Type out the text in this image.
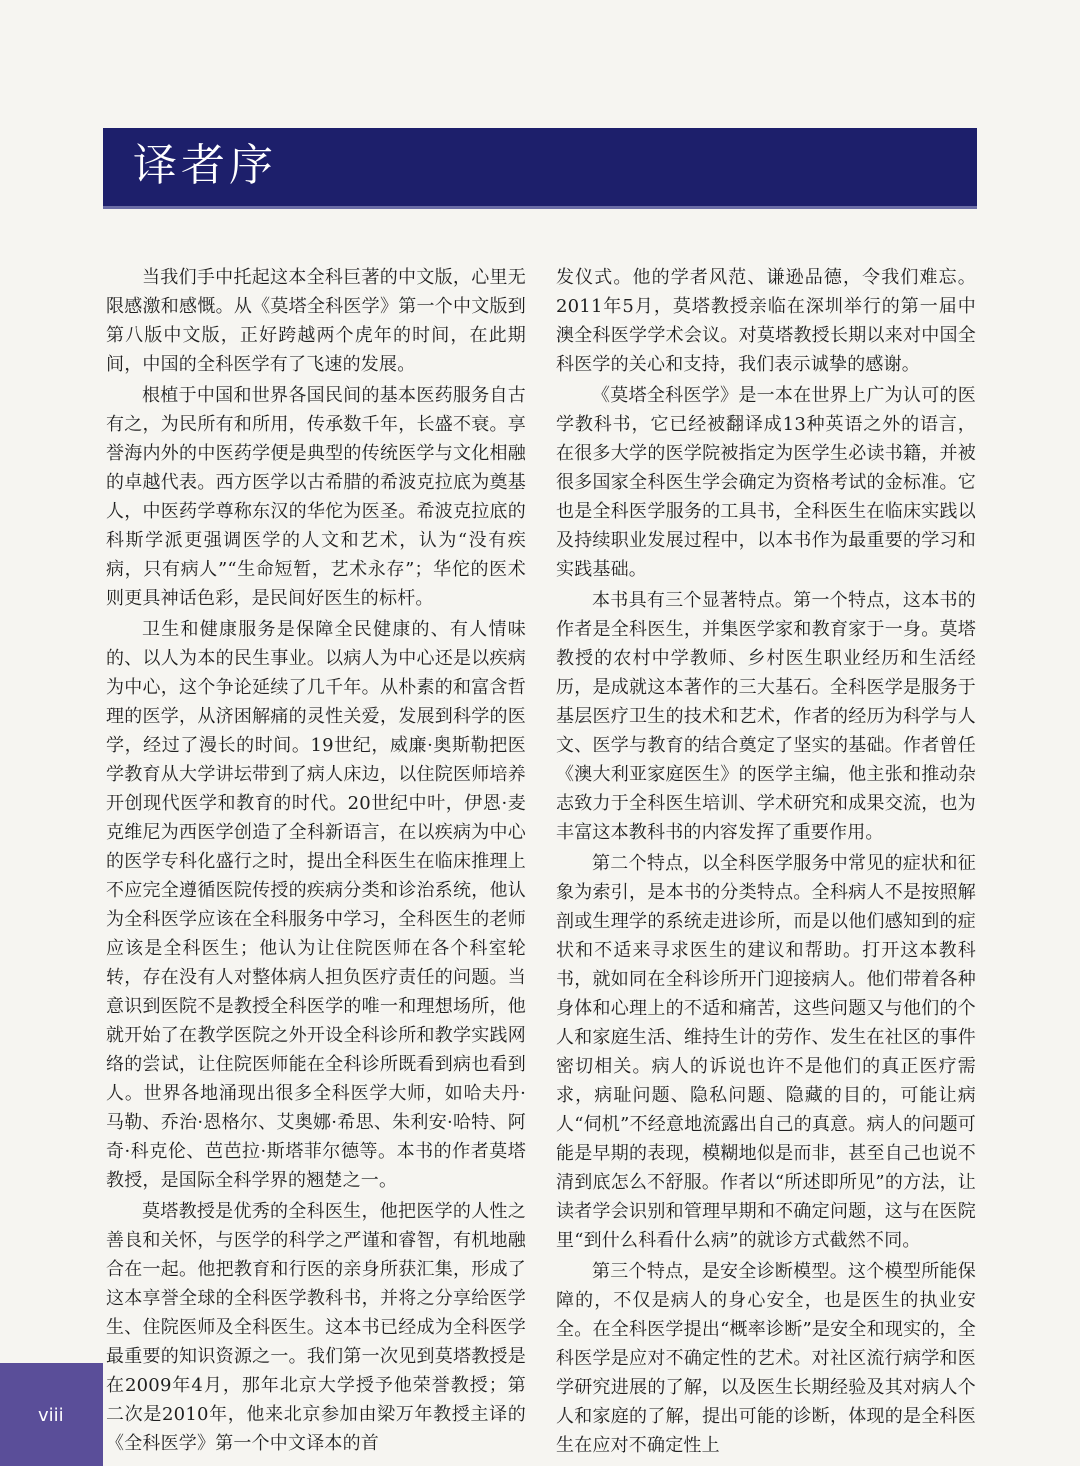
译者序

当我们手中托起这本全科巨著的中文版，心里无限感激和感慨。从《莫塔全科医学》第一个中文版到第八版中文版，正好跨越两个虎年的时间，在此期间，中国的全科医学有了飞速的发展。

根植于中国和世界各国民间的基本医药服务自古有之，为民所有和所用，传承数千年，长盛不衰。享誉海内外的中医药学便是典型的传统医学与文化相融的卓越代表。西方医学以古希腊的希波克拉底为奠基人，中医药学尊称东汉的华佗为医圣。希波克拉底的科斯学派更强调医学的人文和艺术，认为“没有疾病，只有病人”“生命短暂，艺术永存”；华佗的医术则更具神话色彩，是民间好医生的标杆。

卫生和健康服务是保障全民健康的、有人情味的、以人为本的民生事业。以病人为中心还是以疾病为中心，这个争论延续了几千年。从朴素的和富含哲理的医学，从济困解痛的灵性关爱，发展到科学的医学，经过了漫长的时间。19世纪，威廉·奥斯勒把医学教育从大学讲坛带到了病人床边，以住院医师培养开创现代医学和教育的时代。20世纪中叶，伊恩·麦克维尼为西医学创造了全科新语言，在以疾病为中心的医学专科化盛行之时，提出全科医生在临床推理上不应完全遵循医院传授的疾病分类和诊治系统，他认为全科医学应该在全科服务中学习，全科医生的老师应该是全科医生；他认为让住院医师在各个科室轮转，存在没有人对整体病人担负医疗责任的问题。当意识到医院不是教授全科医学的唯一和理想场所，他就开始了在教学医院之外开设全科诊所和教学实践网络的尝试，让住院医师能在全科诊所既看到病也看到人。世界各地涌现出很多全科医学大师，如哈夫丹·马勒、乔治·恩格尔、艾奥娜·希思、朱利安·哈特、阿奇·科克伦、芭芭拉·斯塔菲尔德等。本书的作者莫塔教授，是国际全科学界的翘楚之一。

莫塔教授是优秀的全科医生，他把医学的人性之善良和关怀，与医学的科学之严谨和睿智，有机地融合在一起。他把教育和行医的亲身所获汇集，形成了这本享誉全球的全科医学教科书，并将之分享给医学生、住院医师及全科医生。这本书已经成为全科医学最重要的知识资源之一。我们第一次见到莫塔教授是在2009年4月，那年北京大学授予他荣誉教授；第二次是2010年，他来北京参加由梁万年教授主译的《全科医学》第一个中文译本的首

发仪式。他的学者风范、谦逊品德，令我们难忘。2011年5月，莫塔教授亲临在深圳举行的第一届中澳全科医学学术会议。对莫塔教授长期以来对中国全科医学的关心和支持，我们表示诚挚的感谢。

《莫塔全科医学》是一本在世界上广为认可的医学教科书，它已经被翻译成13种英语之外的语言，在很多大学的医学院被指定为医学生必读书籍，并被很多国家全科医生学会确定为资格考试的金标准。它也是全科医学服务的工具书，全科医生在临床实践以及持续职业发展过程中，以本书作为最重要的学习和实践基础。

本书具有三个显著特点。第一个特点，这本书的作者是全科医生，并集医学家和教育家于一身。莫塔教授的农村中学教师、乡村医生职业经历和生活经历，是成就这本著作的三大基石。全科医学是服务于基层医疗卫生的技术和艺术，作者的经历为科学与人文、医学与教育的结合奠定了坚实的基础。作者曾任《澳大利亚家庭医生》的医学主编，他主张和推动杂志致力于全科医生培训、学术研究和成果交流，也为丰富这本教科书的内容发挥了重要作用。

第二个特点，以全科医学服务中常见的症状和征象为索引，是本书的分类特点。全科病人不是按照解剖或生理学的系统走进诊所，而是以他们感知到的症状和不适来寻求医生的建议和帮助。打开这本教科书，就如同在全科诊所开门迎接病人。他们带着各种身体和心理上的不适和痛苦，这些问题又与他们的个人和家庭生活、维持生计的劳作、发生在社区的事件密切相关。病人的诉说也许不是他们的真正医疗需求，病耻问题、隐私问题、隐藏的目的，可能让病人“伺机”不经意地流露出自己的真意。病人的问题可能是早期的表现，模糊地似是而非，甚至自己也说不清到底怎么不舒服。作者以“所述即所见”的方法，让读者学会识别和管理早期和不确定问题，这与在医院里“到什么科看什么病”的就诊方式截然不同。

第三个特点，是安全诊断模型。这个模型所能保障的，不仅是病人的身心安全，也是医生的执业安全。在全科医学提出“概率诊断”是安全和现实的，全科医学是应对不确定性的艺术。对社区流行病学和医学研究进展的了解，以及医生长期经验及其对病人个人和家庭的了解，提出可能的诊断，体现的是全科医生在应对不确定性上

viii
